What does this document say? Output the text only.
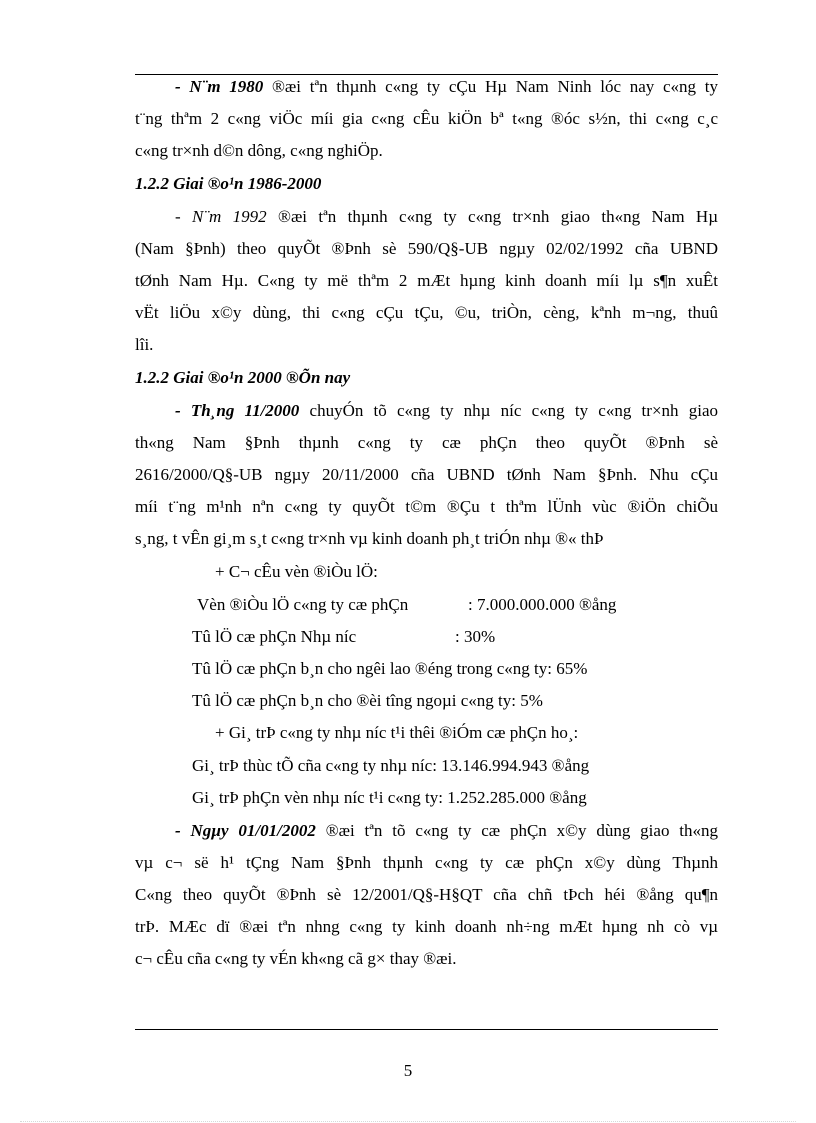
- N¨m 1980 ®æi tªn thµnh c«ng ty cÇu Hµ Nam Ninh lóc nay c«ng ty
t¨ng thªm 2 c«ng viÖc míi gia c«ng cÊu kiÖn bª t«ng ®óc s½n, thi c«ng c¸c
c«ng tr×nh d©n dông, c«ng nghiÖp.
1.2.2 Giai ®o¹n 1986-2000
- N¨m 1992 ®æi tªn thµnh c«ng ty c«ng tr×nh giao th«ng Nam Hµ
(Nam §Þnh) theo quyÕt ®Þnh sè 590/Q§-UB ngµy 02/02/1992 cña UBND
tØnh Nam Hµ. C«ng ty më thªm 2 mÆt hµng kinh doanh míi lµ s¶n xuÊt
vËt liÖu x©y dùng, thi c«ng cÇu tÇu, ©u, triÒn, cèng, kªnh m¬ng, thuû
lîi.
1.2.2 Giai ®o¹n 2000 ®Õn nay
- Th¸ng 11/2000 chuyÓn tõ c«ng ty nhµ níc c«ng ty c«ng tr×nh giao
th«ng Nam §Þnh thµnh c«ng ty cæ phÇn theo quyÕt ®Þnh sè
2616/2000/Q§-UB ngµy 20/11/2000 cña UBND tØnh Nam §Þnh. Nhu cÇu
míi t¨ng m¹nh nªn c«ng ty quyÕt t©m ®Çu t thªm lÜnh vùc ®iÖn chiÕu
s¸ng, t vÊn gi¸m s¸t c«ng tr×nh vµ kinh doanh ph¸t triÓn nhµ ®« thÞ
+ C¬ cÊu vèn ®iÒu lÖ:
Vèn ®iÒu lÖ c«ng ty cæ phÇn	: 7.000.000.000 ®ång
Tû lÖ cæ phÇn Nhµ níc	: 30%
Tû lÖ cæ phÇn b¸n cho ngêi lao ®éng trong c«ng ty: 65%
Tû lÖ cæ phÇn b¸n cho ®èi tîng ngoµi c«ng ty: 5%
+ Gi¸ trÞ c«ng ty nhµ níc t¹i thêi ®iÓm cæ phÇn ho¸:
Gi¸ trÞ thùc tÕ cña c«ng ty nhµ níc: 13.146.994.943 ®ång
Gi¸ trÞ phÇn vèn nhµ níc t¹i c«ng ty: 1.252.285.000 ®ång
- Ngµy 01/01/2002 ®æi tªn tõ c«ng ty cæ phÇn x©y dùng giao th«ng
vµ c¬ së h¹ tÇng Nam §Þnh thµnh c«ng ty cæ phÇn x©y dùng Thµnh
C«ng theo quyÕt ®Þnh sè 12/2001/Q§-H§QT cña chñ tÞch héi ®ång qu¶n
trÞ. MÆc dï ®æi tªn nhng c«ng ty kinh doanh nh÷ng mÆt hµng nh cò vµ
c¬ cÊu cña c«ng ty vÉn kh«ng cã g× thay ®æi.
5
